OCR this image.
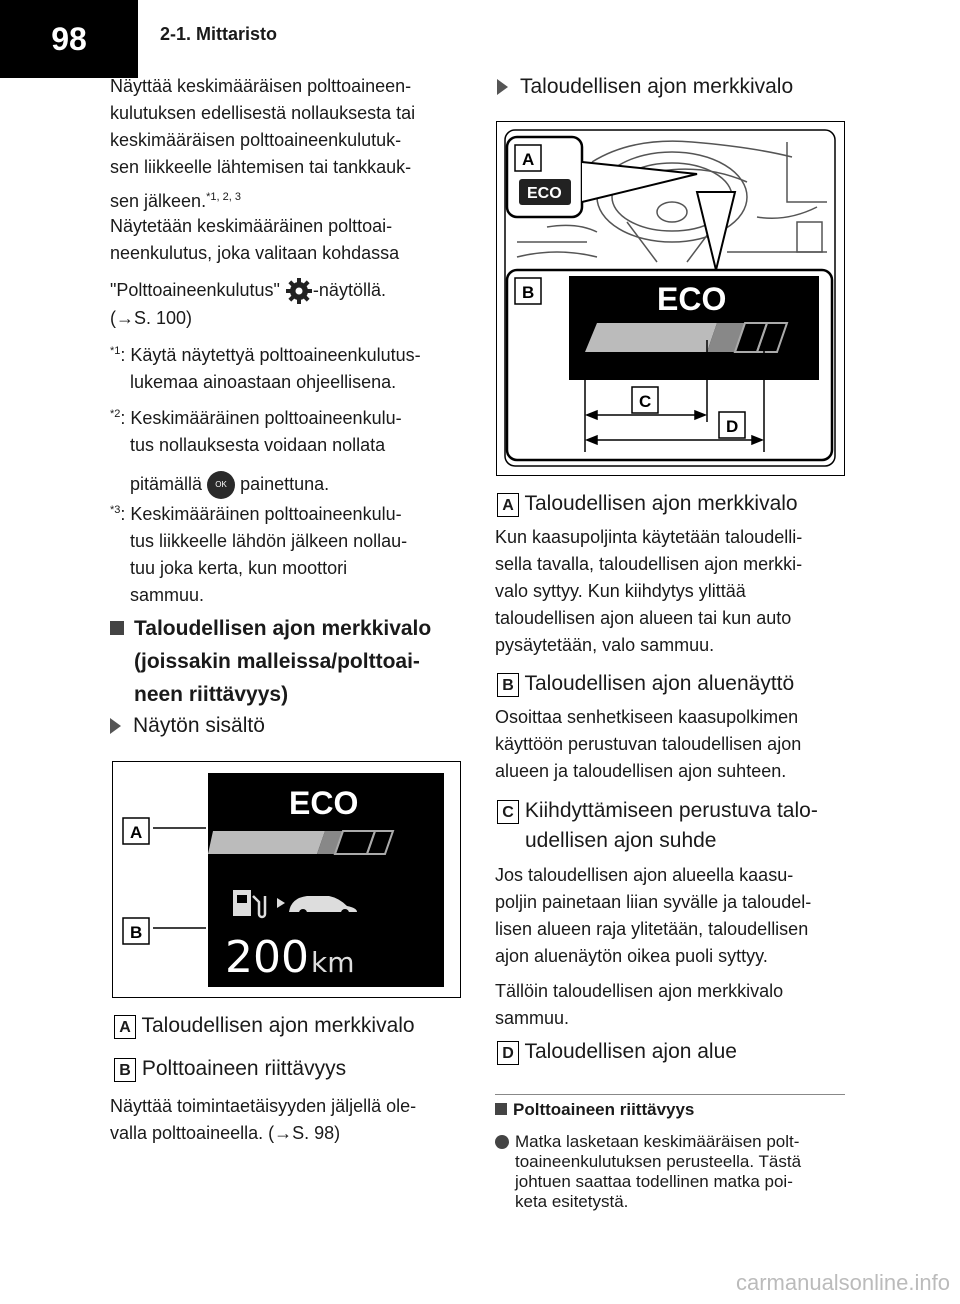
98	2-1. Mittaristo
Näyttää keskimääräisen polttoaineen-
kulutuksen edellisestä nollauksesta tai
keskimääräisen polttoaineenkulutuk-
sen liikkeelle lähtemisen tai tankkauk-
sen jälkeen.$^{*1, 2, 3}$
Näytetään keskimääräinen polttoai-
neenkulutus, joka valitaan kohdassa
"Polttoaineenkulutus" -näytöllä.
(→S. 100)
$^{*1}$: Käytä näytettyä polttoaineenkulutus-
lukemaa ainoastaan ohjeellisena.
$^{*2}$: Keskimääräinen polttoaineenkulu-
tus nollauksesta voidaan nollata
pitämällä OK painettuna.
$^{*3}$: Keskimääräinen polttoaineenkulu-
tus liikkeelle lähdön jälkeen nollau-
tuu joka kerta, kun moottori
sammuu.
Taloudellisen ajon merkkivalo
(joissakin malleissa/polttoai-
neen riittävyys)
Näytön sisältö
ECO
200 km
A
B
A Taloudellisen ajon merkkivalo
B Polttoaineen riittävyys
Näyttää toimintaetäisyyden jäljellä ole-
valla polttoaineella. (→S. 98)
Taloudellisen ajon merkkivalo
A
ECO
B	ECO
C
D
A Taloudellisen ajon merkkivalo
Kun kaasupoljinta käytetään taloudelli-
sella tavalla, taloudellisen ajon merkki-
valo syttyy. Kun kiihdytys ylittää
taloudellisen ajon alueen tai kun auto
pysäytetään, valo sammuu.
B Taloudellisen ajon aluenäyttö
Osoittaa senhetkiseen kaasupolkimen
käyttöön perustuvan taloudellisen ajon
alueen ja taloudellisen ajon suhteen.
C Kiihdyttämiseen perustuva talo-
udellisen ajon suhde
Jos taloudellisen ajon alueella kaasu-
poljin painetaan liian syvälle ja taloudel-
lisen alueen raja ylitetään, taloudellisen
ajon aluenäytön oikea puoli syttyy.
Tällöin taloudellisen ajon merkkivalo
sammuu.
D Taloudellisen ajon alue
Polttoaineen riittävyys
Matka lasketaan keskimääräisen polt-
toaineenkulutuksen perusteella. Tästä
johtuen saattaa todellinen matka poi-
keta esitetystä.
carmanualsonline.info
